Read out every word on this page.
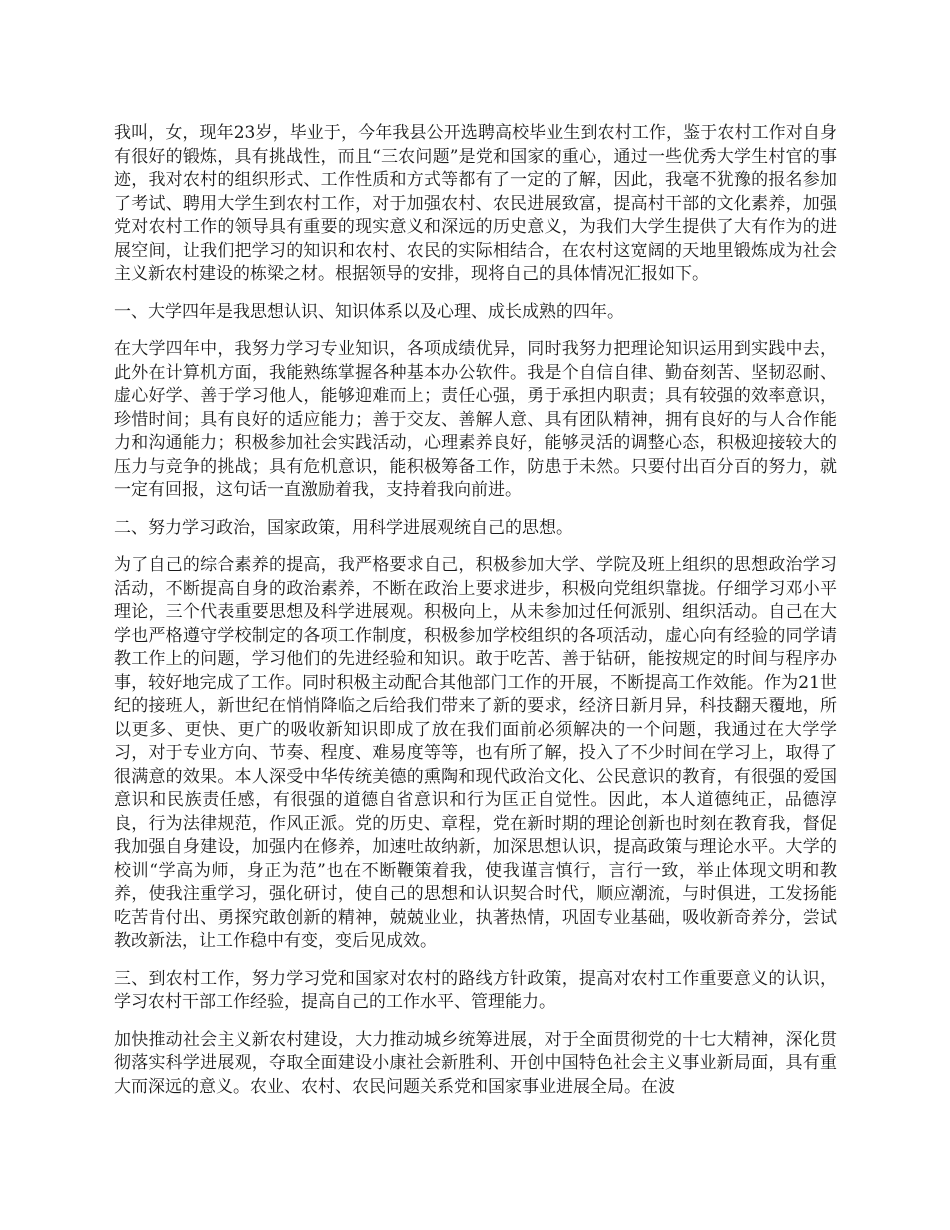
我叫，女，现年23岁，毕业于，今年我县公开选聘高校毕业生到农村工作，鉴于农村工作对自身有很好的锻炼，具有挑战性，而且“三农问题”是党和国家的重心，通过一些优秀大学生村官的事迹，我对农村的组织形式、工作性质和方式等都有了一定的了解，因此，我毫不犹豫的报名参加了考试、聘用大学生到农村工作，对于加强农村、农民进展致富，提高村干部的文化素养，加强党对农村工作的领导具有重要的现实意义和深远的历史意义，为我们大学生提供了大有作为的进展空间，让我们把学习的知识和农村、农民的实际相结合，在农村这宽阔的天地里锻炼成为社会主义新农村建设的栋梁之材。根据领导的安排，现将自己的具体情况汇报如下。

一、大学四年是我思想认识、知识体系以及心理、成长成熟的四年。

在大学四年中，我努力学习专业知识，各项成绩优异，同时我努力把理论知识运用到实践中去，此外在计算机方面，我能熟练掌握各种基本办公软件。我是个自信自律、勤奋刻苦、坚韧忍耐、虚心好学、善于学习他人，能够迎难而上；责任心强，勇于承担内职责；具有较强的效率意识，珍惜时间；具有良好的适应能力；善于交友、善解人意、具有团队精神，拥有良好的与人合作能力和沟通能力；积极参加社会实践活动，心理素养良好，能够灵活的调整心态，积极迎接较大的压力与竞争的挑战；具有危机意识，能积极筹备工作，防患于未然。只要付出百分百的努力，就一定有回报，这句话一直激励着我，支持着我向前进。

二、努力学习政治，国家政策，用科学进展观统自己的思想。

为了自己的综合素养的提高，我严格要求自己，积极参加大学、学院及班上组织的思想政治学习活动，不断提高自身的政治素养，不断在政治上要求进步，积极向党组织靠拢。仔细学习邓小平理论，三个代表重要思想及科学进展观。积极向上，从未参加过任何派别、组织活动。自己在大学也严格遵守学校制定的各项工作制度，积极参加学校组织的各项活动，虚心向有经验的同学请教工作上的问题，学习他们的先进经验和知识。敢于吃苦、善于钻研，能按规定的时间与程序办事，较好地完成了工作。同时积极主动配合其他部门工作的开展，不断提高工作效能。作为21世纪的接班人，新世纪在悄悄降临之后给我们带来了新的要求，经济日新月异，科技翻天覆地，所以更多、更快、更广的吸收新知识即成了放在我们面前必须解决的一个问题，我通过在大学学习，对于专业方向、节奏、程度、难易度等等，也有所了解，投入了不少时间在学习上，取得了很满意的效果。本人深受中华传统美德的熏陶和现代政治文化、公民意识的教育，有很强的爱国意识和民族责任感，有很强的道德自省意识和行为匡正自觉性。因此，本人道德纯正，品德淳良，行为法律规范，作风正派。党的历史、章程，党在新时期的理论创新也时刻在教育我，督促我加强自身建设，加强内在修养，加速吐故纳新，加深思想认识，提高政策与理论水平。大学的校训“学高为师，身正为范”也在不断鞭策着我，使我谨言慎行，言行一致，举止体现文明和教养，使我注重学习，强化研讨，使自己的思想和认识契合时代，顺应潮流，与时俱进，工发扬能吃苦肯付出、勇探究敢创新的精神，兢兢业业，执著热情，巩固专业基础，吸收新奇养分，尝试教改新法，让工作稳中有变，变后见成效。

三、到农村工作，努力学习党和国家对农村的路线方针政策，提高对农村工作重要意义的认识，学习农村干部工作经验，提高自己的工作水平、管理能力。

加快推动社会主义新农村建设，大力推动城乡统筹进展，对于全面贯彻党的十七大精神，深化贯彻落实科学进展观，夺取全面建设小康社会新胜利、开创中国特色社会主义事业新局面，具有重大而深远的意义。农业、农村、农民问题关系党和国家事业进展全局。在波
